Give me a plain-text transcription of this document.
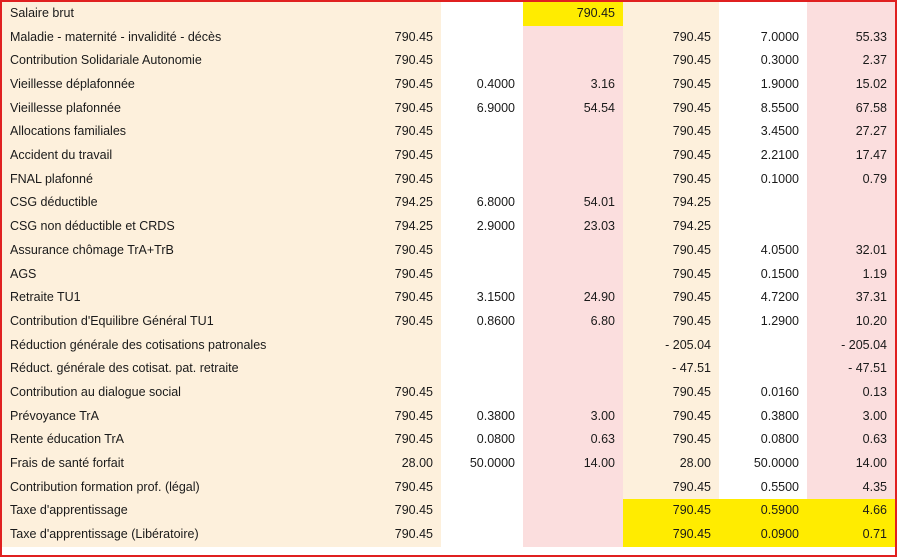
Salaire brut			790.45			
Maladie - maternité - invalidité - décès	790.45			790.45	7.0000	55.33
Contribution Solidariale Autonomie	790.45			790.45	0.3000	2.37
Vieillesse déplafonnée	790.45	0.4000	3.16	790.45	1.9000	15.02
Vieillesse plafonnée	790.45	6.9000	54.54	790.45	8.5500	67.58
Allocations familiales	790.45			790.45	3.4500	27.27
Accident du travail	790.45			790.45	2.2100	17.47
FNAL plafonné	790.45			790.45	0.1000	0.79
CSG déductible	794.25	6.8000	54.01	794.25		
CSG non déductible et CRDS	794.25	2.9000	23.03	794.25		
Assurance chômage TrA+TrB	790.45			790.45	4.0500	32.01
AGS	790.45			790.45	0.1500	1.19
Retraite TU1	790.45	3.1500	24.90	790.45	4.7200	37.31
Contribution d'Equilibre Général TU1	790.45	0.8600	6.80	790.45	1.2900	10.20
Réduction générale des cotisations patronales				- 205.04		- 205.04
Réduct. générale des cotisat. pat. retraite				- 47.51		- 47.51
Contribution au dialogue social	790.45			790.45	0.0160	0.13
Prévoyance TrA	790.45	0.3800	3.00	790.45	0.3800	3.00
Rente éducation TrA	790.45	0.0800	0.63	790.45	0.0800	0.63
Frais de santé forfait	28.00	50.0000	14.00	28.00	50.0000	14.00
Contribution formation prof. (légal)	790.45			790.45	0.5500	4.35
Taxe d'apprentissage	790.45			790.45	0.5900	4.66
Taxe d'apprentissage (Libératoire)	790.45			790.45	0.0900	0.71
